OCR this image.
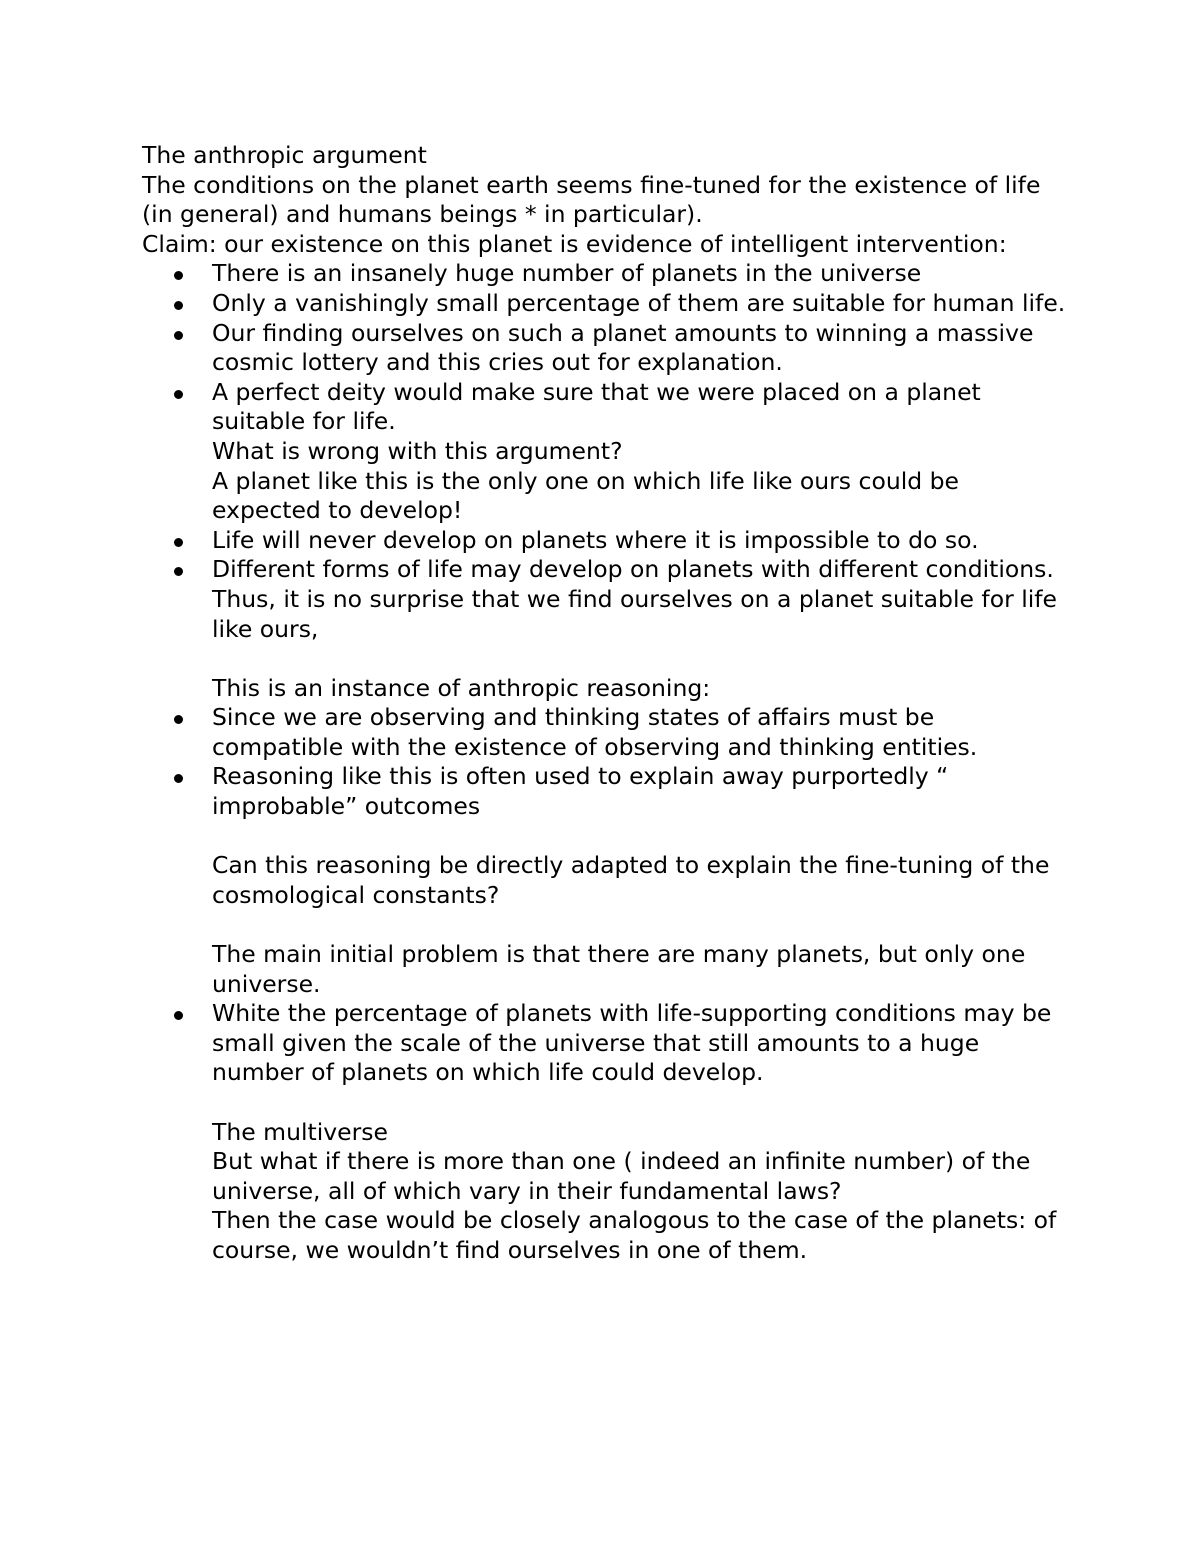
The anthropic argument

The conditions on the planet earth seems fine-tuned for the existence of life (in general) and humans beings * in particular).

Claim: our existence on this planet is evidence of intelligent intervention:

There is an insanely huge number of planets in the universe
Only a vanishingly small percentage of them are suitable for human life.
Our finding ourselves on such a planet amounts to winning a massive cosmic lottery and this cries out for explanation.
A perfect deity would make sure that we were placed on a planet suitable for life.

What is wrong with this argument?

A planet like this is the only one on which life like ours could be expected to develop!

Life will never develop on planets where it is impossible to do so.
Different forms of life may develop on planets with different conditions.

Thus, it is no surprise that we find ourselves on a planet suitable for life like ours,

This is an instance of anthropic reasoning:

Since we are observing and thinking states of affairs must be compatible with the existence of observing and thinking entities.
Reasoning like this is often used to explain away purportedly “ improbable” outcomes

Can this reasoning be directly adapted to explain the fine-tuning of the cosmological constants?

The main initial problem is that there are many planets, but only one universe.

White the percentage of planets with life-supporting conditions may be small given the scale of the universe that still amounts to a huge number of planets on which life could develop.

The multiverse

But what if there is more than one ( indeed an infinite number) of the universe, all of which vary in their fundamental laws?

Then the case would be closely analogous to the case of the planets: of course, we wouldn’t find ourselves in one of them.
